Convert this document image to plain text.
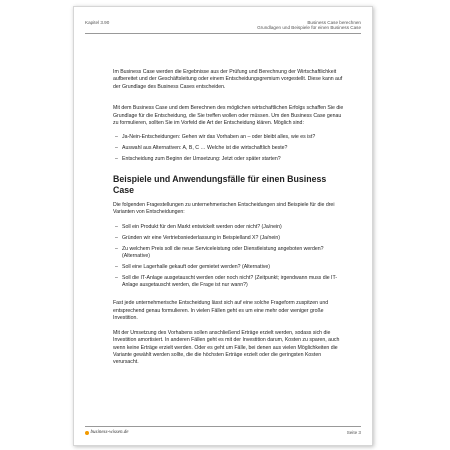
Kapitel 3.90	Business Case berechnen
Grundlagen und Beispiele für einen Business Case

Im Business Case werden die Ergebnisse aus der Prüfung und Berechnung der Wirtschaftlichkeit aufbereitet und der Geschäftsleitung oder einem Entscheidungsgremium vorgestellt. Diese kann auf der Grundlage des Business Cases entscheiden.

Mit dem Business Case und dem Berechnen des möglichen wirtschaftlichen Erfolgs schaffen Sie die Grundlage für die Entscheidung, die Sie treffen wollen oder müssen. Um den Business Case genau zu formulieren, sollten Sie im Vorfeld die Art der Entscheidung klären. Möglich sind:

– Ja-Nein-Entscheidungen: Gehen wir das Vorhaben an – oder bleibt alles, wie es ist?
– Auswahl aus Alternativen: A, B, C … Welche ist die wirtschaftlich beste?
– Entscheidung zum Beginn der Umsetzung: Jetzt oder später starten?
Beispiele und Anwendungsfälle für einen Business Case

Die folgenden Fragestellungen zu unternehmerischen Entscheidungen sind Beispiele für die drei Varianten von Entscheidungen:

– Soll ein Produkt für den Markt entwickelt werden oder nicht? (Ja/nein)
– Gründen wir eine Vertriebsniederlassung in Beispielland X? (Ja/nein)
– Zu welchem Preis soll die neue Serviceleistung oder Dienstleistung angeboten werden? (Alternative)
– Soll eine Lagerhalle gekauft oder gemietet werden? (Alternative)
– Soll die IT-Anlage ausgetauscht werden oder noch nicht? (Zeitpunkt; irgendwann muss die IT-Anlage ausgetauscht werden, die Frage ist nur wann?)

Fast jede unternehmerische Entscheidung lässt sich auf eine solche Frageform zuspitzen und entsprechend genau formulieren. In vielen Fällen geht es um eine mehr oder weniger große Investition.

Mit der Umsetzung des Vorhabens sollen anschließend Erträge erzielt werden, sodass sich die Investition amortisiert. In anderen Fällen geht es mit der Investition darum, Kosten zu sparen, auch wenn keine Erträge erzielt werden. Oder es geht um Fälle, bei denen aus vielen Möglichkeiten die Variante gewählt werden sollte, die die höchsten Erträge erzielt oder die geringsten Kosten verursacht.

business-wissen.de	Seite 3
